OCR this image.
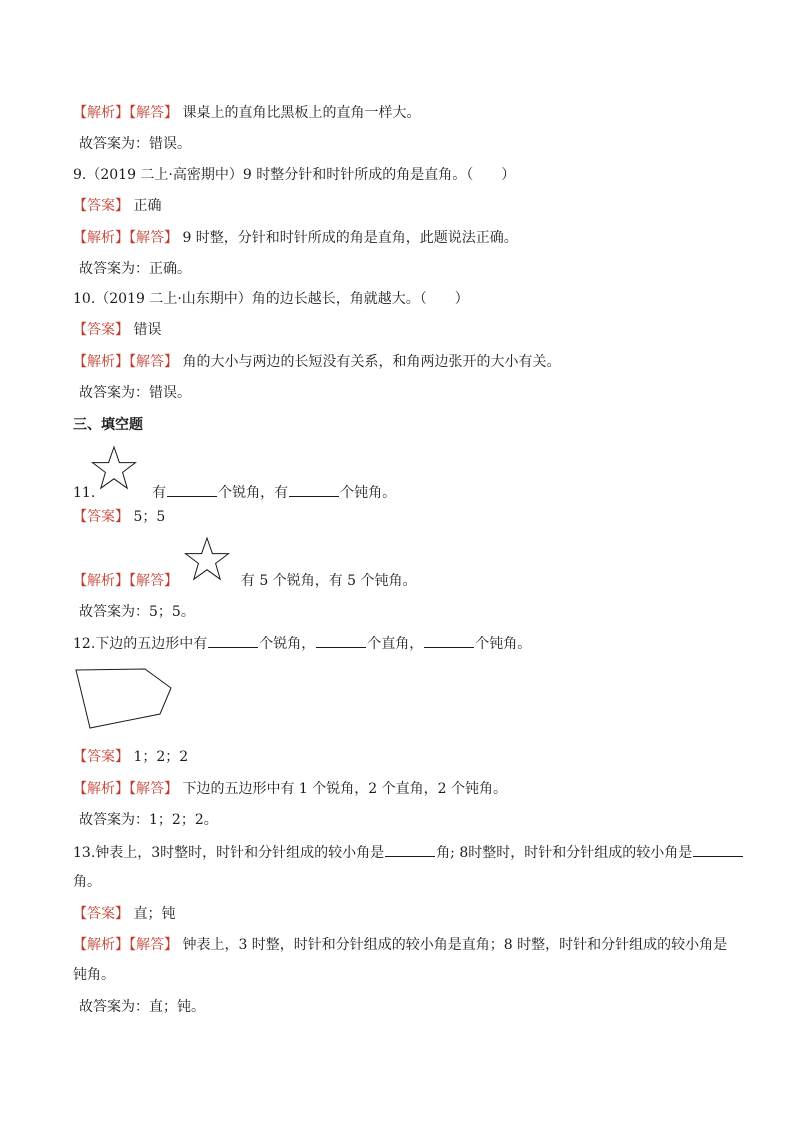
【解析】【解答】 课桌上的直角比黑板上的直角一样大。
故答案为：错误。
9.（2019 二上·高密期中）9 时整分针和时针所成的角是直角。（　　）
【答案】 正确
【解析】【解答】 9 时整，分针和时针所成的角是直角，此题说法正确。
故答案为：正确。
10.（2019 二上·山东期中）角的边长越长，角就越大。（　　）
【答案】 错误
【解析】【解答】 角的大小与两边的长短没有关系，和角两边张开的大小有关。
故答案为：错误。
三、填空题
11.	有	个锐角，有	个钝角。
【答案】 5；5
【解析】【解答】	有 5 个锐角，有 5 个钝角。
故答案为：5；5。
12.下边的五边形中有	个锐角，	个直角，	个钝角。
【答案】 1；2；2
【解析】【解答】 下边的五边形中有 1 个锐角，2 个直角，2 个钝角。
故答案为：1；2；2。
13.钟表上，3时整时，时针和分针组成的较小角是	角; 8时整时，时针和分针组成的较小角是
角。
【答案】 直；钝
【解析】【解答】 钟表上，3 时整，时针和分针组成的较小角是直角；8 时整，时针和分针组成的较小角是
钝角。
故答案为：直；钝。
